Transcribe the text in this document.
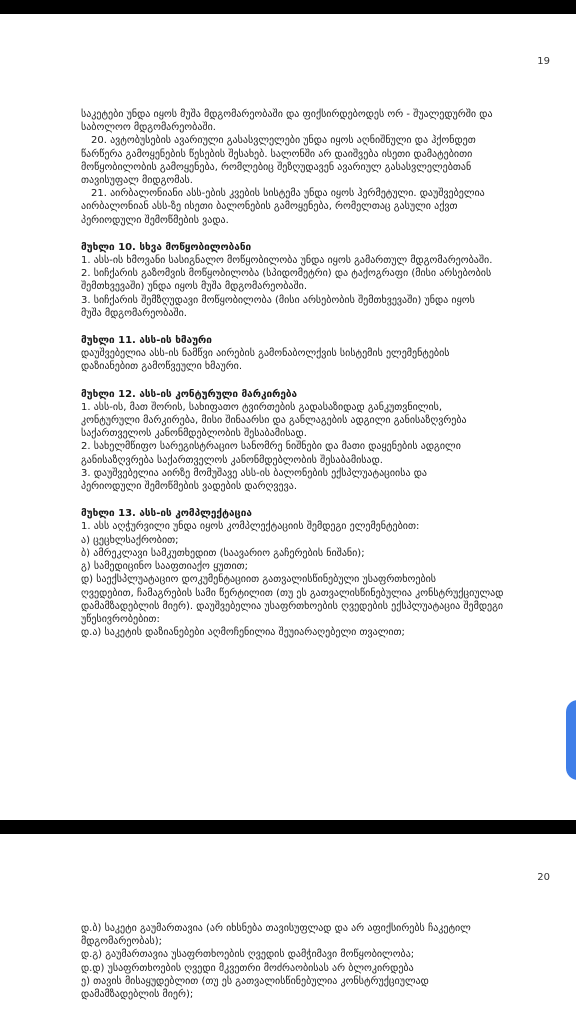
19

საკეტები უნდა იყოს მუშა მდგომარეობაში და ფიქსირდებოდეს ორ - შუალედურში და

საბოლოო მდგომარეობაში.

20. ავტობუსების ავარიული გასასვლელები უნდა იყოს აღნიშნული და ჰქონდეთ

წარწერა გამოყენების წესების შესახებ. სალონში არ დაიშვება ისეთი დამატებითი

მოწყობილობის გამოყენება, რომლებიც შეზღუდავენ ავარიულ გასასვლელებთან

თავისუფალ მიდგომას.

21. აირბალონიანი ასს-ების კვების სისტემა უნდა იყოს ჰერმეტული. დაუშვებელია

აირბალონიან ასს-ზე ისეთი ბალონების გამოყენება, რომელთაც გასული აქვთ

პერიოდული შემოწმების ვადა.

მუხლი 10. სხვა მოწყობილობანი

1. ასს-ის ხმოვანი სასიგნალო მოწყობილობა უნდა იყოს გამართულ მდგომარეობაში.

2. სიჩქარის გაზომვის მოწყობილობა (სპიდომეტრი) და ტაქოგრაფი (მისი არსებობის

შემთხვევაში) უნდა იყოს მუშა მდგომარეობაში.

3. სიჩქარის შემზღუდავი მოწყობილობა (მისი არსებობის შემთხვევაში) უნდა იყოს

მუშა მდგომარეობაში.

მუხლი 11. ასს-ის ხმაური

დაუშვებელია ასს-ის ნამწვი აირების გამონაბოლქვის სისტემის ელემენტების

დაზიანებით გამოწვეული ხმაური.

მუხლი 12. ასს-ის კონტურული მარკირება

1. ასს-ის, მათ შორის, სახიფათო ტვირთების გადასაზიდად განკუთვნილის,

კონტურული მარკირება, მისი შინაარსი და განლაგების ადგილი განისაზღვრება

საქართველოს კანონმდებლობის შესაბამისად.

2. სახელმწიფო სარეგისტრაციო სანომრე ნიშნები და მათი დაყენების ადგილი

განისაზღვრება საქართველოს კანონმდებლობის შესაბამისად.

3. დაუშვებელია აირზე მომუშავე ასს-ის ბალონების ექსპლუატაციისა და

პერიოდული შემოწმების ვადების დარღვევა.

მუხლი 13. ასს-ის კომპლექტაცია

1. ასს აღჭურვილი უნდა იყოს კომპლექტაციის შემდეგი ელემენტებით:

ა) ცეცხლსაქრობით;

ბ) ამრეკლავი სამკუთხედით (საავარიო გაჩერების ნიშანი);

გ) სამედიცინო სააფთიაქო ყუთით;

დ) საექსპლუატაციო დოკუმენტაციით გათვალისწინებული უსაფრთხოების

ღვედებით, ჩამაგრების სამი წერტილით (თუ ეს გათვალისწინებულია კონსტრუქციულად

დამამზადებლის მიერ). დაუშვებელია უსაფრთხოების ღვედების ექსპლუატაცია შემდეგი

უწესივრობებით:

დ.ა) საკეტის დაზიანებები აღმოჩენილია შეუიარაღებელი თვალით;

20

დ.ბ) საკეტი გაუმართავია (არ იხსნება თავისუფლად და არ აფიქსირებს ჩაკეტილ

მდგომარეობას);

დ.გ) გაუმართავია უსაფრთხოების ღვედის დამჭიმავი მოწყობილობა;

დ.დ) უსაფრთხოების ღვედი მკვეთრი მოძრაობისას არ ბლოკირდება

ე) თავის მისაყუდებლით (თუ ეს გათვალისწინებულია კონსტრუქციულად

დამამზადებლის მიერ);
